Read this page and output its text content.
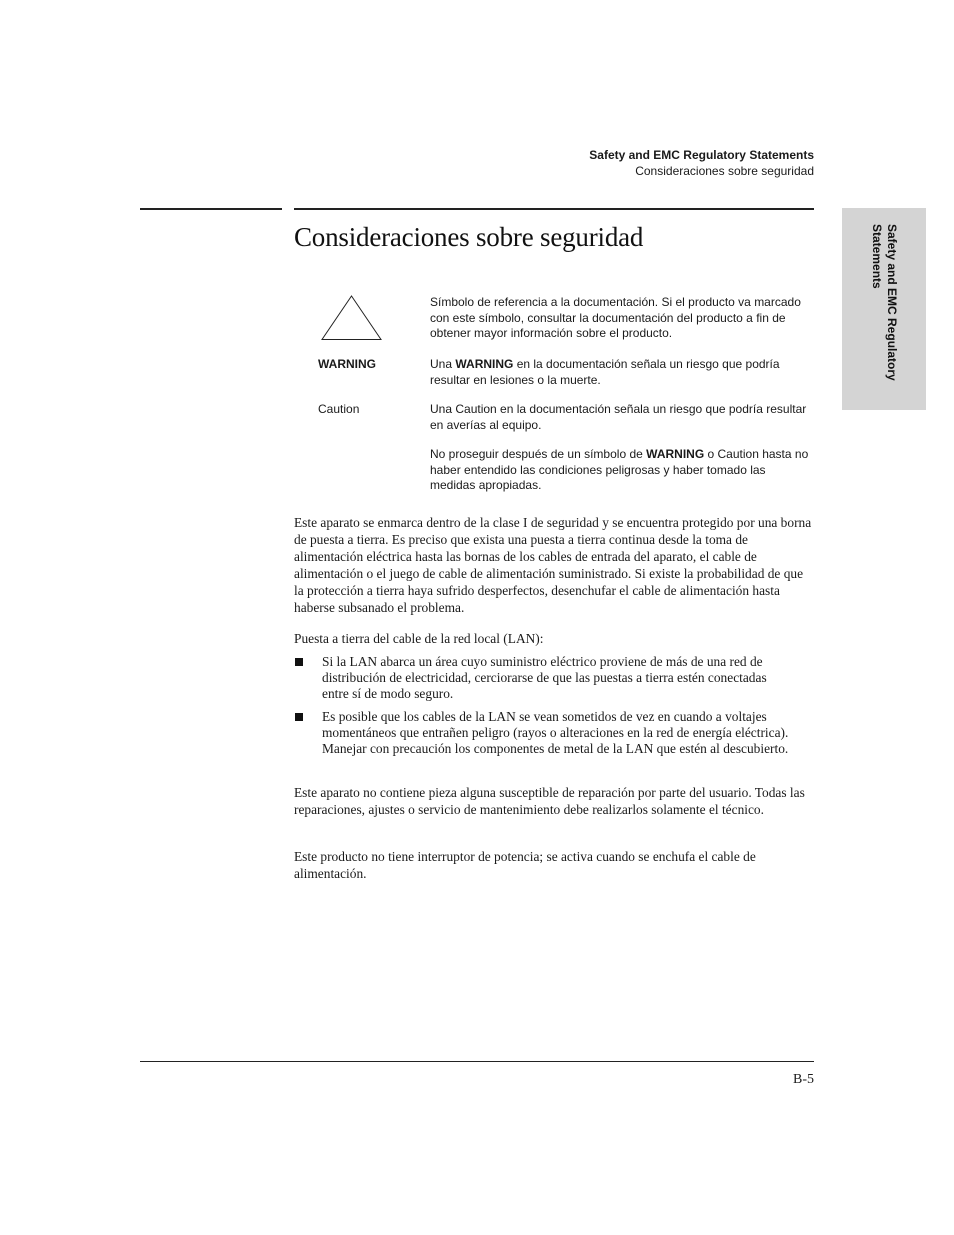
Safety and EMC Regulatory Statements
Consideraciones sobre seguridad
Safety and EMC Regulatory Statements
Consideraciones sobre seguridad
Símbolo de referencia a la documentación. Si el producto va marcado con este símbolo, consultar la documentación del producto a fin de obtener mayor información sobre el producto.
WARNING	Una WARNING en la documentación señala un riesgo que podría resultar en lesiones o la muerte.
Caution	Una Caution en la documentación señala un riesgo que podría resultar en averías al equipo.
No proseguir después de un símbolo de WARNING o Caution hasta no haber entendido las condiciones peligrosas y haber tomado las medidas apropiadas.

Este aparato se enmarca dentro de la clase I de seguridad y se encuentra protegido por una borna de puesta a tierra. Es preciso que exista una puesta a tierra continua desde la toma de alimentación eléctrica hasta las bornas de los cables de entrada del aparato, el cable de alimentación o el juego de cable de alimentación suministrado. Si existe la probabilidad de que la protección a tierra haya sufrido desperfectos, desenchufar el cable de alimentación hasta haberse subsanado el problema.

Puesta a tierra del cable de la red local (LAN):

Si la LAN abarca un área cuyo suministro eléctrico proviene de más de una red de distribución de electricidad, cerciorarse de que las puestas a tierra estén conectadas entre sí de modo seguro.
Es posible que los cables de la LAN se vean sometidos de vez en cuando a voltajes momentáneos que entrañen peligro (rayos o alteraciones en la red de energía eléctrica). Manejar con precaución los componentes de metal de la LAN que estén al descubierto.

Este aparato no contiene pieza alguna susceptible de reparación por parte del usuario. Todas las reparaciones, ajustes o servicio de mantenimiento debe realizarlos solamente el técnico.

Este producto no tiene interruptor de potencia; se activa cuando se enchufa el cable de alimentación.

B-5
